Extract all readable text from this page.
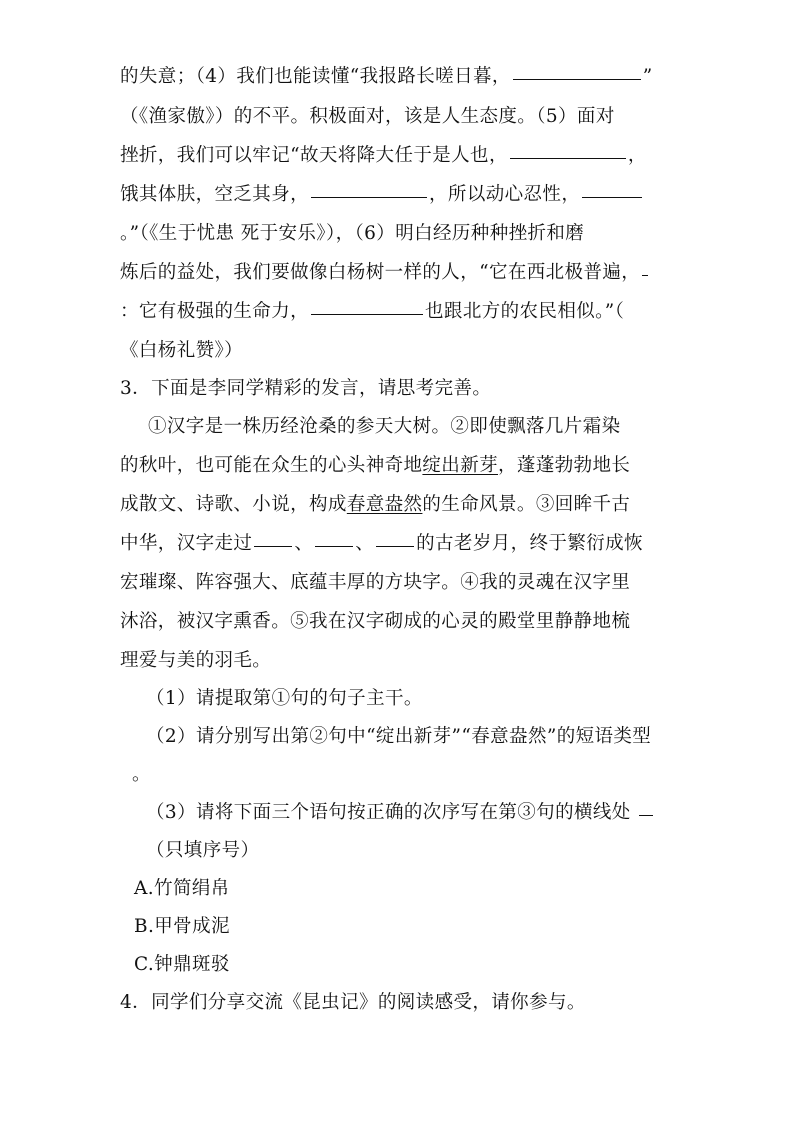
的失意；（4）我们也能读懂“我报路长嗟日暮，	”
（《渔家傲》）的不平。积极面对，该是人生态度。（5）面对
挫折，我们可以牢记“故天将降大任于是人也，	，
饿其体肤，空乏其身，	，所以动心忍性，
。”（《生于忧患 死于安乐》），（6）明白经历种种挫折和磨
炼后的益处，我们要做像白杨树一样的人，“它在西北极普遍，
：它有极强的生命力，	也跟北方的农民相似。”（
《白杨礼赞》）
3．下面是李同学精彩的发言，请思考完善。
①汉字是一株历经沧桑的参天大树。②即使飘落几片霜染
的秋叶，也可能在众生的心头神奇地绽出新芽，蓬蓬勃勃地长
成散文、诗歌、小说，构成春意盎然的生命风景。③回眸千古
中华，汉字走过 、 、 的古老岁月，终于繁衍成恢
宏璀璨、阵容强大、底蕴丰厚的方块字。④我的灵魂在汉字里
沐浴，被汉字熏香。⑤我在汉字砌成的心灵的殿堂里静静地梳
理爱与美的羽毛。
（1）请提取第①句的句子主干。
（2）请分别写出第②句中“绽出新芽”“春意盎然”的短语类型
。
（3）请将下面三个语句按正确的次序写在第③句的横线处
（只填序号）
A.竹简绢帛
B.甲骨成泥
C.钟鼎斑驳
4．同学们分享交流《昆虫记》的阅读感受，请你参与。
